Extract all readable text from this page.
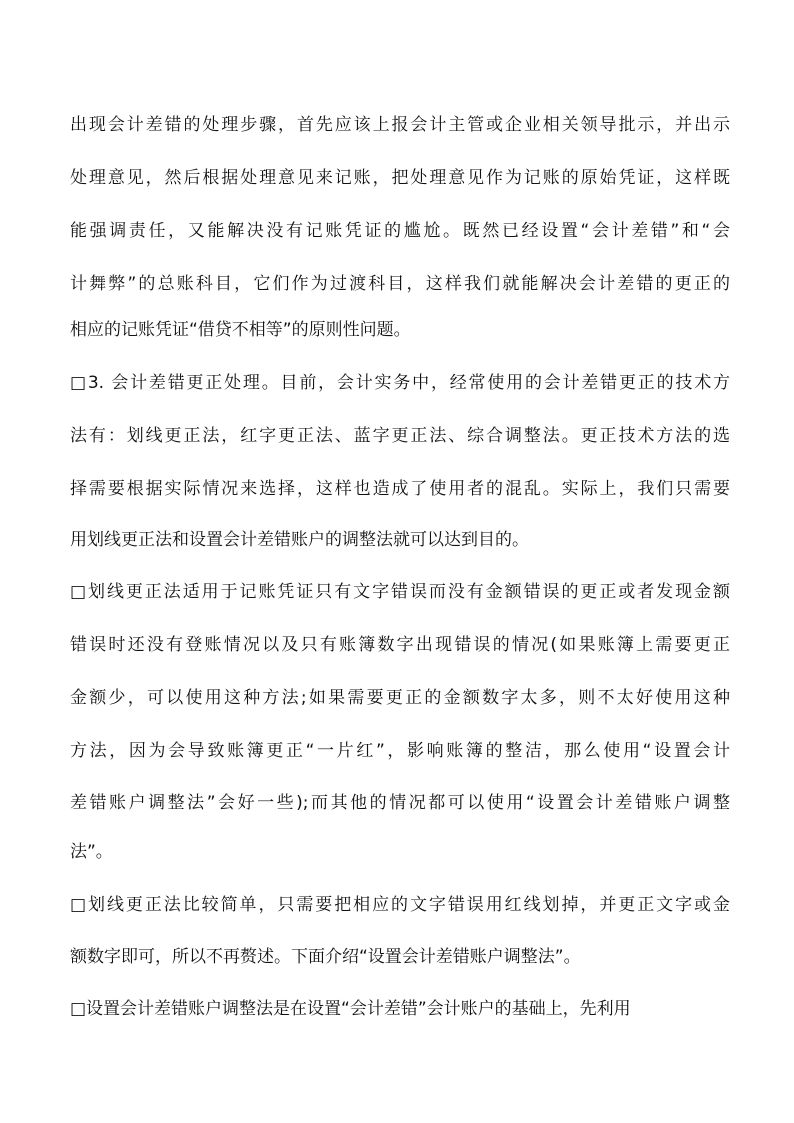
出现会计差错的处理步骤，首先应该上报会计主管或企业相关领导批示，并出示
处理意见，然后根据处理意见来记账，把处理意见作为记账的原始凭证，这样既
能强调责任，又能解决没有记账凭证的尴尬。既然已经设置“会计差错”和“会
计舞弊”的总账科目，它们作为过渡科目，这样我们就能解决会计差错的更正的
相应的记账凭证“借贷不相等”的原则性问题。
□3. 会计差错更正处理。目前，会计实务中，经常使用的会计差错更正的技术方
法有：划线更正法，红字更正法、蓝字更正法、综合调整法。更正技术方法的选
择需要根据实际情况来选择，这样也造成了使用者的混乱。实际上，我们只需要
用划线更正法和设置会计差错账户的调整法就可以达到目的。
□划线更正法适用于记账凭证只有文字错误而没有金额错误的更正或者发现金额
错误时还没有登账情况以及只有账簿数字出现错误的情况(如果账簿上需要更正
金额少，可以使用这种方法;如果需要更正的金额数字太多，则不太好使用这种
方法，因为会导致账簿更正“一片红”，影响账簿的整洁，那么使用“设置会计
差错账户调整法”会好一些);而其他的情况都可以使用“设置会计差错账户调整
法”。
□划线更正法比较简单，只需要把相应的文字错误用红线划掉，并更正文字或金
额数字即可，所以不再赘述。下面介绍“设置会计差错账户调整法”。
□设置会计差错账户调整法是在设置“会计差错”会计账户的基础上，先利用
